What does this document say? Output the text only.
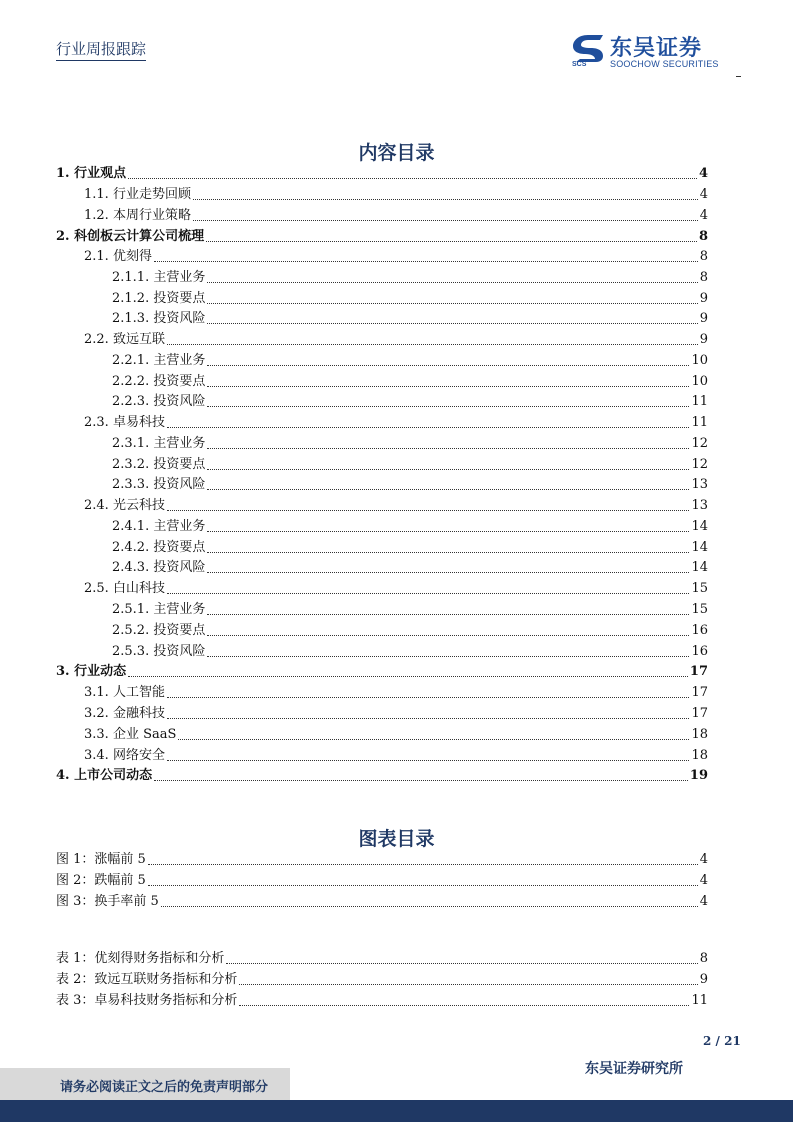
行业周报跟踪
SCS
东吴证券
SOOCHOW SECURITIES
内容目录
1. 行业观点	4
1.1. 行业走势回顾	4
1.2. 本周行业策略	4
2. 科创板云计算公司梳理	8
2.1. 优刻得	8
2.1.1. 主营业务	8
2.1.2. 投资要点	9
2.1.3. 投资风险	9
2.2. 致远互联	9
2.2.1. 主营业务	10
2.2.2. 投资要点	10
2.2.3. 投资风险	11
2.3. 卓易科技	11
2.3.1. 主营业务	12
2.3.2. 投资要点	12
2.3.3. 投资风险	13
2.4. 光云科技	13
2.4.1. 主营业务	14
2.4.2. 投资要点	14
2.4.3. 投资风险	14
2.5. 白山科技	15
2.5.1. 主营业务	15
2.5.2. 投资要点	16
2.5.3. 投资风险	16
3. 行业动态	17
3.1. 人工智能	17
3.2. 金融科技	17
3.3. 企业 SaaS	18
3.4. 网络安全	18
4. 上市公司动态	19
图表目录
图 1：涨幅前 5	4
图 2：跌幅前 5	4
图 3：换手率前 5	4
表 1：优刻得财务指标和分析	8
表 2：致远互联财务指标和分析	9
表 3：卓易科技财务指标和分析	11
2 / 21
东吴证券研究所
请务必阅读正文之后的免责声明部分
